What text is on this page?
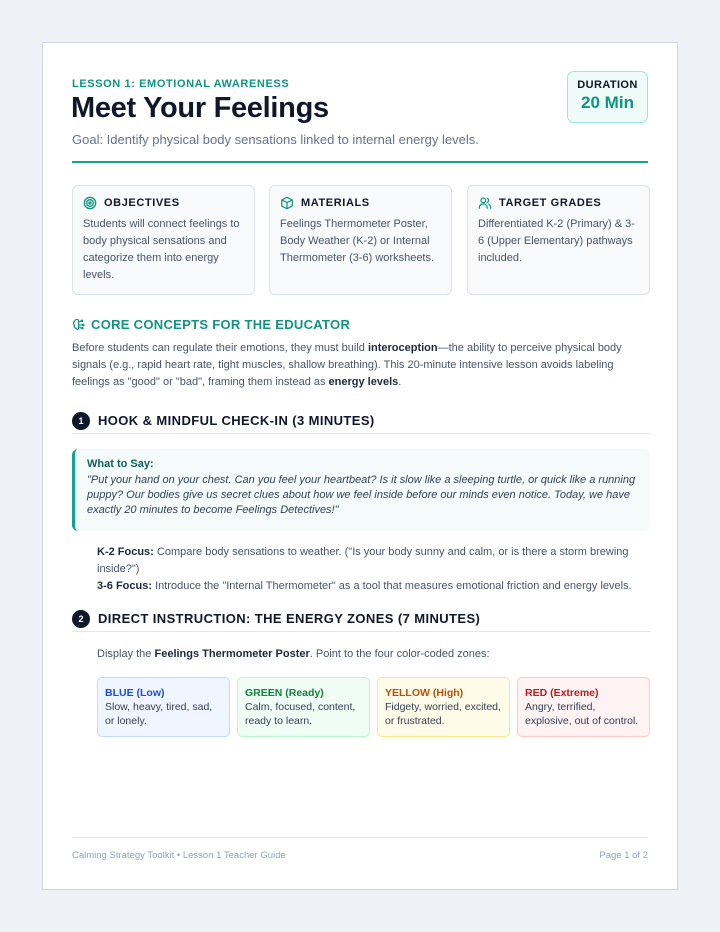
LESSON 1: EMOTIONAL AWARENESS
Meet Your Feelings
Goal: Identify physical body sensations linked to internal energy levels.
DURATION
20 Min
OBJECTIVES
Students will connect feelings to body physical sensations and categorize them into energy levels.
MATERIALS
Feelings Thermometer Poster, Body Weather (K-2) or Internal Thermometer (3-6) worksheets.
TARGET GRADES
Differentiated K-2 (Primary) & 3-6 (Upper Elementary) pathways included.
CORE CONCEPTS FOR THE EDUCATOR
Before students can regulate their emotions, they must build interoception—the ability to perceive physical body signals (e.g., rapid heart rate, tight muscles, shallow breathing). This 20-minute intensive lesson avoids labeling feelings as "good" or "bad", framing them instead as energy levels.
1	HOOK & MINDFUL CHECK-IN (3 MINUTES)
What to Say:
"Put your hand on your chest. Can you feel your heartbeat? Is it slow like a sleeping turtle, or quick like a running puppy? Our bodies give us secret clues about how we feel inside before our minds even notice. Today, we have exactly 20 minutes to become Feelings Detectives!"
K-2 Focus: Compare body sensations to weather. ("Is your body sunny and calm, or is there a storm brewing inside?")
3-6 Focus: Introduce the "Internal Thermometer" as a tool that measures emotional friction and energy levels.
2	DIRECT INSTRUCTION: THE ENERGY ZONES (7 MINUTES)
Display the Feelings Thermometer Poster. Point to the four color-coded zones:
BLUE (Low)
Slow, heavy, tired, sad, or lonely.
GREEN (Ready)
Calm, focused, content, ready to learn.
YELLOW (High)
Fidgety, worried, excited, or frustrated.
RED (Extreme)
Angry, terrified, explosive, out of control.
Calming Strategy Toolkit • Lesson 1 Teacher Guide	Page 1 of 2
